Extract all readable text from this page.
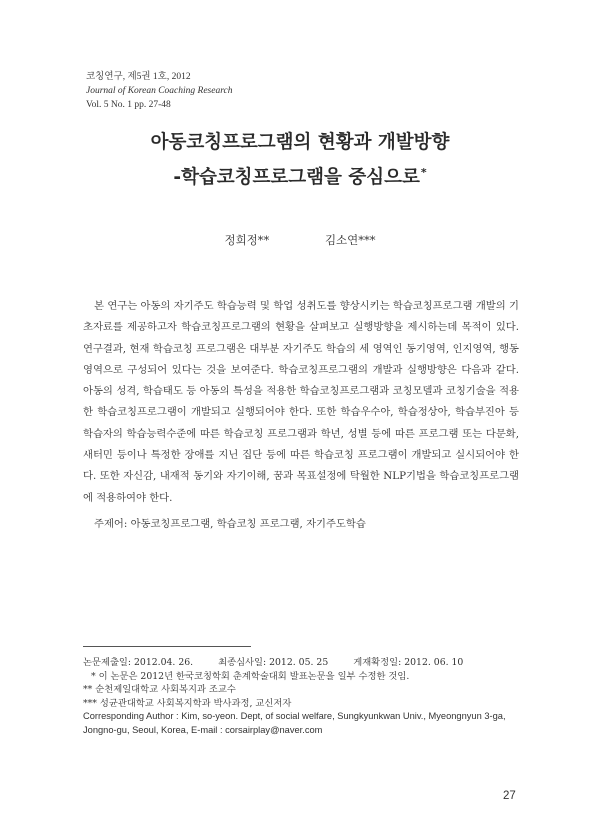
코칭연구, 제5권 1호, 2012
Journal of Korean Coaching Research
Vol. 5 No. 1 pp. 27-48
아동코칭프로그램의 현황과 개발방향
-학습코칭프로그램을 중심으로*
정희정**	김소연***
본 연구는 아동의 자기주도 학습능력 및 학업 성취도를 향상시키는 학습코칭프로그램 개발의 기초자료를 제공하고자 학습코칭프로그램의 현황을 살펴보고 실행방향을 제시하는데 목적이 있다. 연구결과, 현재 학습코칭 프로그램은 대부분 자기주도 학습의 세 영역인 동기영역, 인지영역, 행동영역으로 구성되어 있다는 것을 보여준다. 학습코칭프로그램의 개발과 실행방향은 다음과 같다. 아동의 성격, 학습태도 등 아동의 특성을 적용한 학습코칭프로그램과 코칭모델과 코칭기술을 적용한 학습코칭프로그램이 개발되고 실행되어야 한다. 또한 학습우수아, 학습정상아, 학습부진아 등 학습자의 학습능력수준에 따른 학습코칭 프로그램과 학년, 성별 등에 따른 프로그램 또는 다문화, 새터민 등이나 특정한 장애를 지닌 집단 등에 따른 학습코칭 프로그램이 개발되고 실시되어야 한다. 또한 자신감, 내재적 동기와 자기이해, 꿈과 목표설정에 탁월한 NLP기법을 학습코칭프로그램에 적용하여야 한다.
주제어: 아동코칭프로그램, 학습코칭 프로그램, 자기주도학습
논문제출일: 2012.04. 26.	최종심사일: 2012. 05. 25	게재확정일: 2012. 06. 10
* 이 논문은 2012년 한국코칭학회 춘계학술대회 발표논문을 일부 수정한 것임.
** 순천제일대학교 사회복지과 조교수
*** 성균관대학교 사회복지학과 박사과정, 교신저자
Corresponding Author : Kim, so-yeon. Dept, of social welfare, Sungkyunkwan Univ., Myeongnyun 3-ga, Jongno-gu, Seoul, Korea, E-mail : corsairplay@naver.com
27
